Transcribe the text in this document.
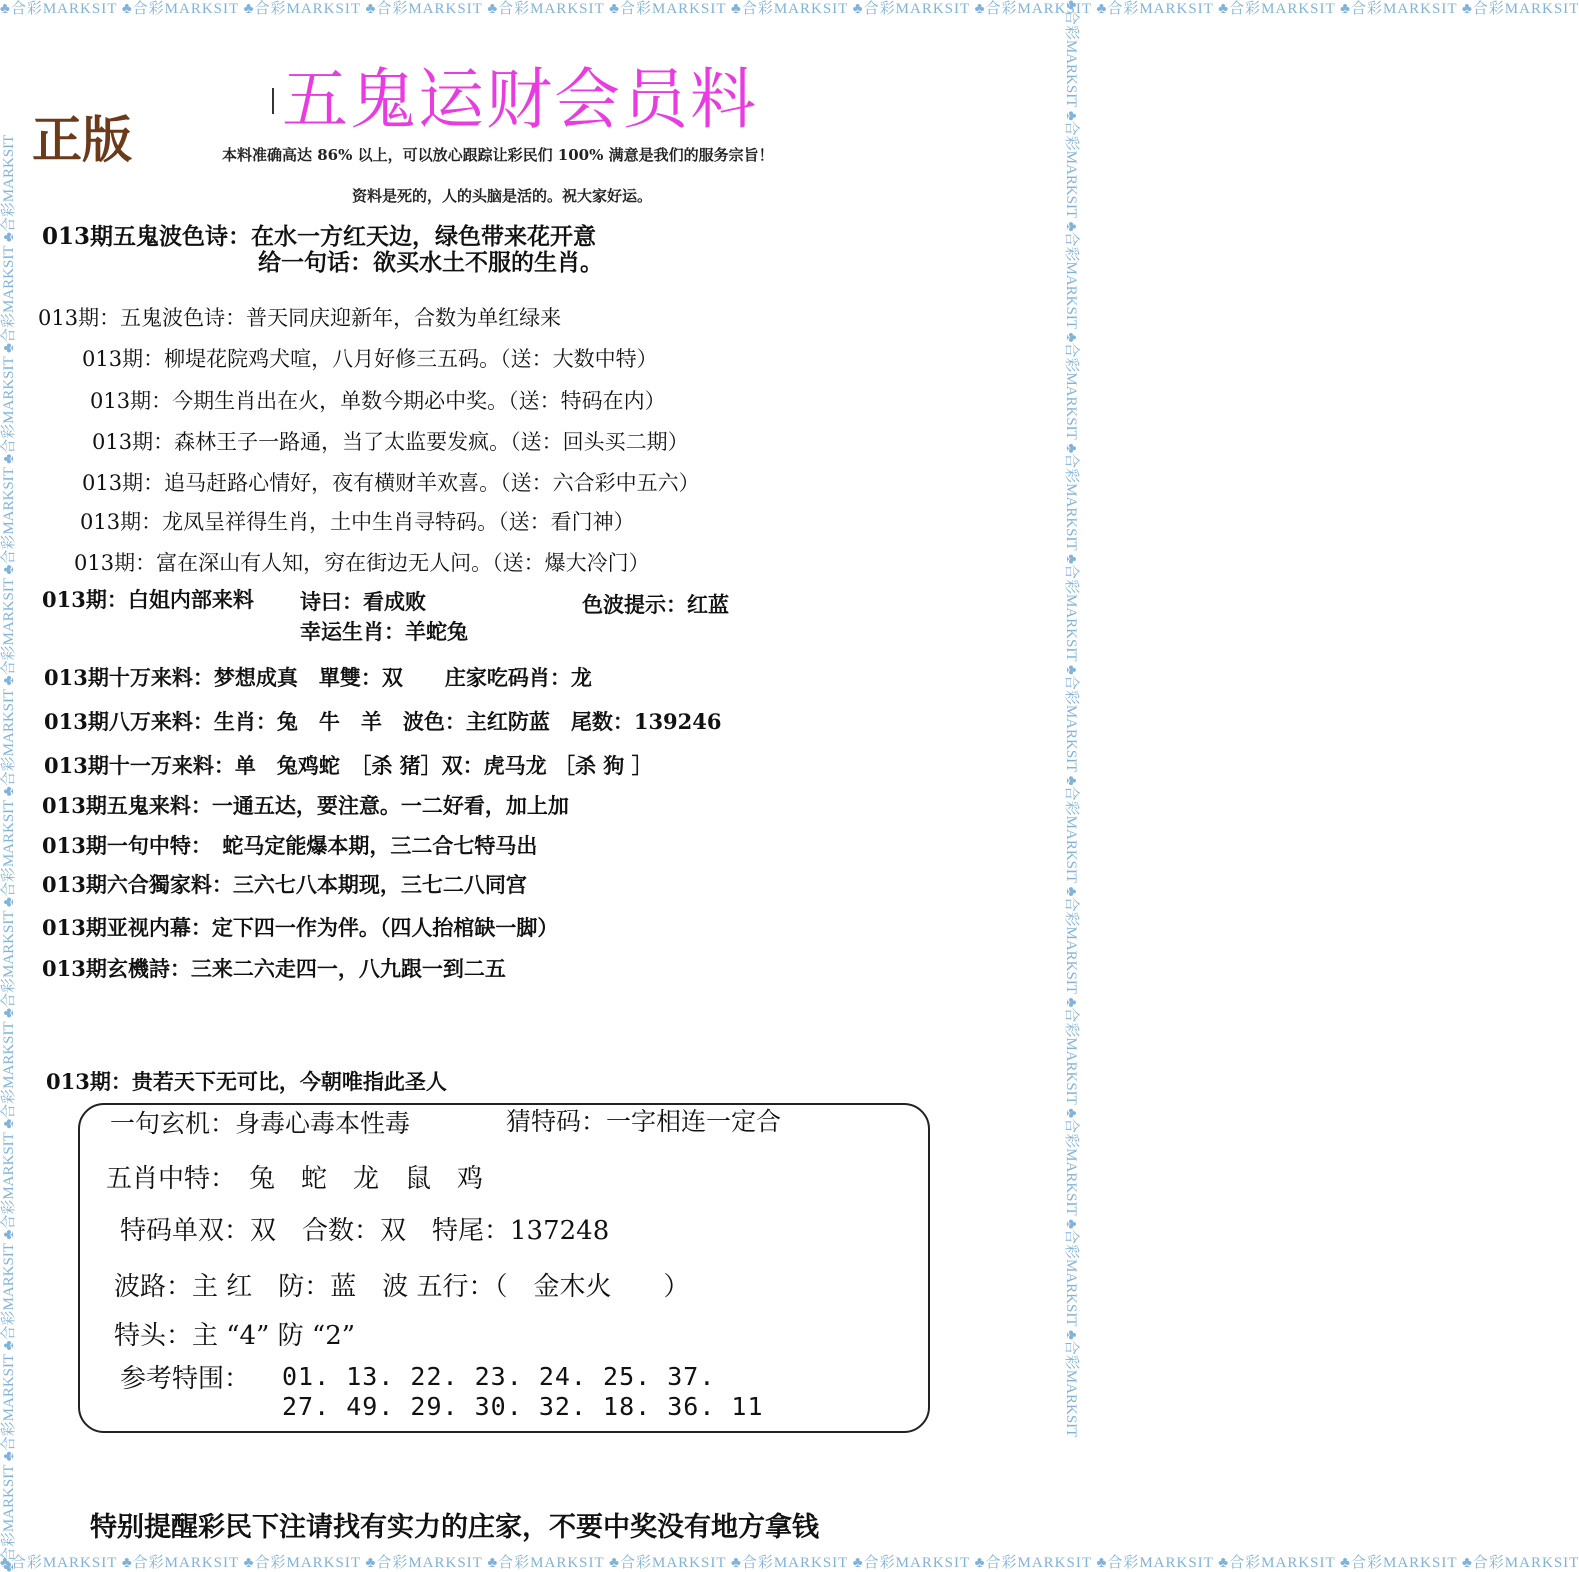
♣合彩MARKSIT ♣合彩MARKSIT ♣合彩MARKSIT ♣合彩MARKSIT ♣合彩MARKSIT ♣合彩MARKSIT ♣合彩MARKSIT ♣合彩MARKSIT ♣合彩MARKSIT ♣合彩MARKSIT ♣合彩MARKSIT ♣合彩MARKSIT ♣合彩MARKSIT
♣合彩MARKSIT ♣合彩MARKSIT ♣合彩MARKSIT ♣合彩MARKSIT ♣合彩MARKSIT ♣合彩MARKSIT ♣合彩MARKSIT ♣合彩MARKSIT ♣合彩MARKSIT ♣合彩MARKSIT ♣合彩MARKSIT ♣合彩MARKSIT ♣合彩MARKSIT
♣合彩MARKSIT ♣合彩MARKSIT ♣合彩MARKSIT ♣合彩MARKSIT ♣合彩MARKSIT ♣合彩MARKSIT ♣合彩MARKSIT ♣合彩MARKSIT ♣合彩MARKSIT ♣合彩MARKSIT ♣合彩MARKSIT ♣合彩MARKSIT ♣合彩MARKSIT	♣合彩MARKSIT ♣合彩MARKSIT ♣合彩MARKSIT ♣合彩MARKSIT ♣合彩MARKSIT ♣合彩MARKSIT ♣合彩MARKSIT ♣合彩MARKSIT ♣合彩MARKSIT ♣合彩MARKSIT ♣合彩MARKSIT ♣合彩MARKSIT ♣合彩MARKSIT
五鬼运财会员料
正版	本料准确高达 86% 以上，可以放心跟踪让彩民们 100% 满意是我们的服务宗旨！
资料是死的，人的头脑是活的。祝大家好运。
013期五鬼波色诗：在水一方红天边，绿色带来花开意
给一句话：欲买水土不服的生肖。
013期：五鬼波色诗：普天同庆迎新年，合数为单红绿来
013期：柳堤花院鸡犬喧，八月好修三五码。（送：大数中特）
013期：今期生肖出在火，单数今期必中奖。（送：特码在内）
013期：森林王子一路通，当了太监要发疯。（送：回头买二期）
013期：追马赶路心情好，夜有横财羊欢喜。（送：六合彩中五六）
013期：龙凤呈祥得生肖，土中生肖寻特码。（送：看门神）
013期：富在深山有人知，穷在街边无人问。（送：爆大冷门）
013期：白姐内部来料 诗曰：看成败
幸运生肖：羊蛇兔
色波提示：红蓝
013期十万来料：梦想成真　單雙：双　　庄家吃码肖：龙
013期八万来料：生肖：兔　牛　羊　波色：主红防蓝　尾数：139246
013期十一万来料：单　兔鸡蛇　［杀 猪］双：虎马龙 ［杀 狗 ］
013期五鬼来料：一通五达，要注意。一二好看，加上加
013期一句中特：　蛇马定能爆本期，三二合七特马出
013期六合獨家料：三六七八本期现，三七二八同宫
013期亚视内幕：定下四一作为伴。（四人抬棺缺一脚）
013期玄機詩：三来二六走四一，八九跟一到二五
013期：贵若天下无可比，今朝唯指此圣人
一句玄机：身毒心毒本性毒	猜特码：一字相连一定合
五肖中特：　兔　蛇　龙　鼠　鸡
特码单双：双　合数：双　特尾：137248
波路：主 红　防：蓝　波 五行：（　金木火　　）
特头：主 “4” 防 “2”
参考特围： 01. 13. 22. 23. 24. 25. 37.
27. 49. 29. 30. 32. 18. 36. 11
特别提醒彩民下注请找有实力的庄家，不要中奖没有地方拿钱
